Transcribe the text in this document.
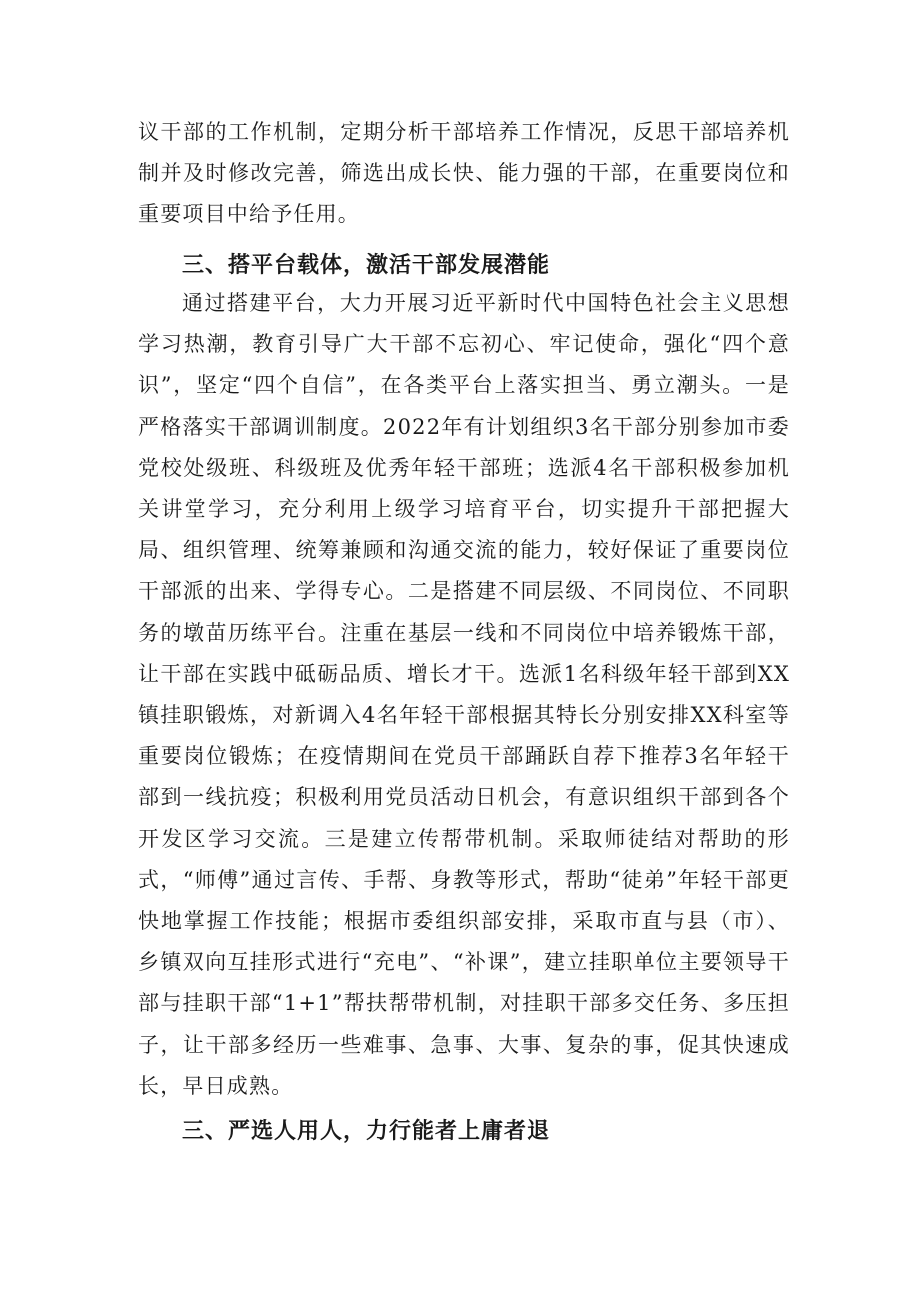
议干部的工作机制，定期分析干部培养工作情况，反思干部培养机制并及时修改完善，筛选出成长快、能力强的干部，在重要岗位和重要项目中给予任用。
三、搭平台载体，激活干部发展潜能
通过搭建平台，大力开展习近平新时代中国特色社会主义思想学习热潮，教育引导广大干部不忘初心、牢记使命，强化“四个意识”，坚定“四个自信”，在各类平台上落实担当、勇立潮头。一是严格落实干部调训制度。2022年有计划组织3名干部分别参加市委党校处级班、科级班及优秀年轻干部班；选派4名干部积极参加机关讲堂学习，充分利用上级学习培育平台，切实提升干部把握大局、组织管理、统筹兼顾和沟通交流的能力，较好保证了重要岗位干部派的出来、学得专心。二是搭建不同层级、不同岗位、不同职务的墩苗历练平台。注重在基层一线和不同岗位中培养锻炼干部，让干部在实践中砥砺品质、增长才干。选派1名科级年轻干部到XX镇挂职锻炼，对新调入4名年轻干部根据其特长分别安排XX科室等重要岗位锻炼；在疫情期间在党员干部踊跃自荐下推荐3名年轻干部到一线抗疫；积极利用党员活动日机会，有意识组织干部到各个开发区学习交流。三是建立传帮带机制。采取师徒结对帮助的形式，“师傅”通过言传、手帮、身教等形式，帮助“徒弟”年轻干部更快地掌握工作技能；根据市委组织部安排，采取市直与县（市）、乡镇双向互挂形式进行“充电”、“补课”，建立挂职单位主要领导干部与挂职干部“1+1”帮扶帮带机制，对挂职干部多交任务、多压担子，让干部多经历一些难事、急事、大事、复杂的事，促其快速成长，早日成熟。
三、严选人用人，力行能者上庸者退
